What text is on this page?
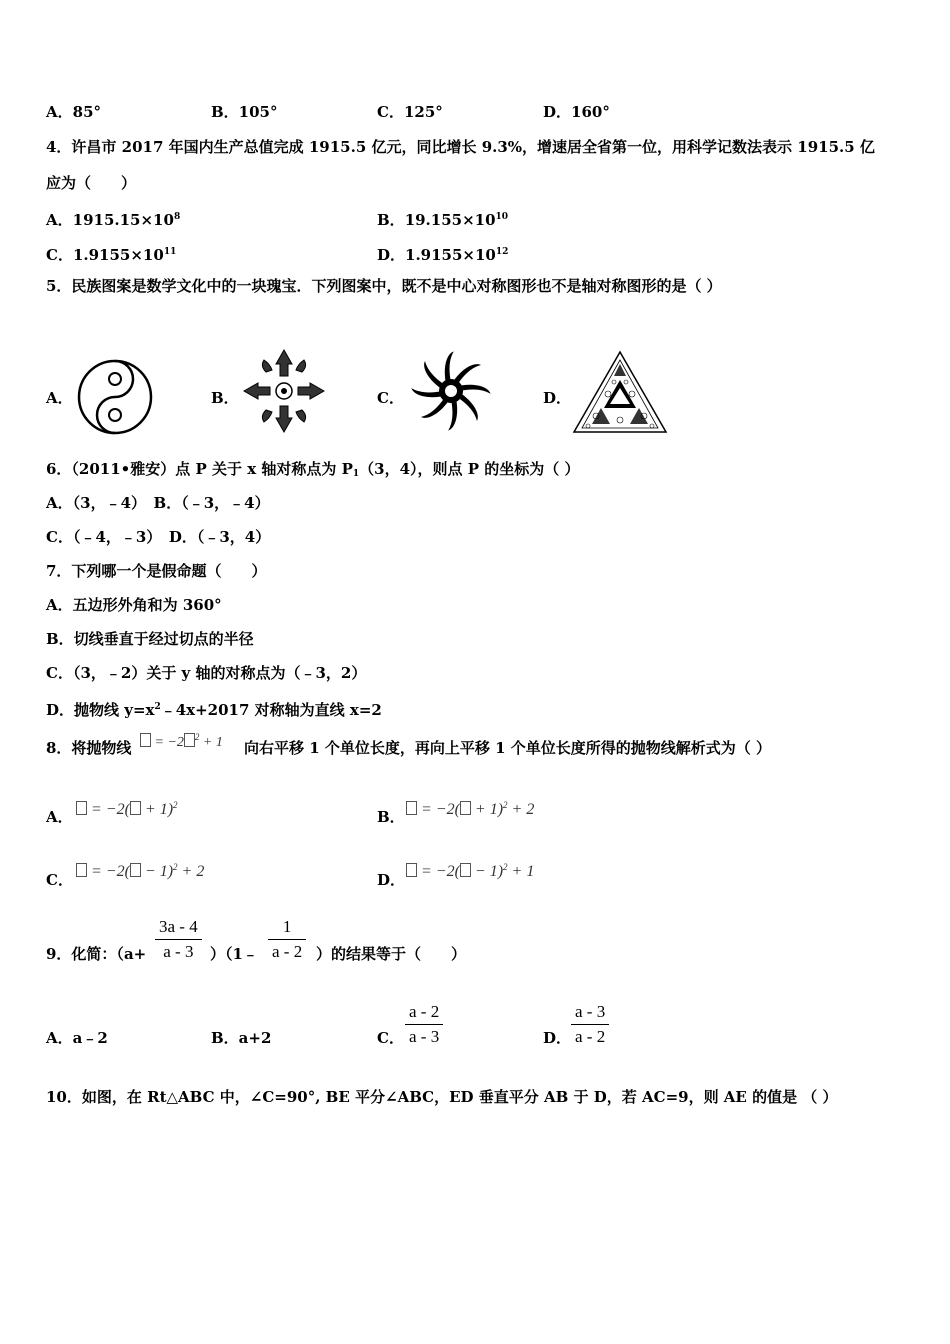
A．85°	B．105°	C．125°	D．160°
4．许昌市 2017 年国内生产总值完成 1915.5 亿元，同比增长 9.3%，增速居全省第一位，用科学记数法表示 1915.5 亿
应为（　　）
A．$1915.15\times 10^8$	B．$19.155\times 10^{10}$
C．$1.9155\times 10^{11}$	D．$1.9155\times 10^{12}$
5．民族图案是数学文化中的一块瑰宝．下列图案中，既不是中心对称图形也不是轴对称图形的是（ ）
A．	B．	C．	D．
6．（2011•雅安）点 P 关于 x 轴对称点为 $P_1(3$，4），则点 P 的坐标为（ ）
A．（3，﹣4）　B．（﹣3，﹣4）
C．（﹣4，﹣3）　D．（﹣3，4）
7．下列哪一个是假命题（　　）
A．五边形外角和为 360°
B．切线垂直于经过切点的半径
C．（3，﹣2）关于 y 轴的对称点为（﹣3，2）
D．抛物线 $y=x^2﹣4x+2017$ 对称轴为直线 x=2
8．将抛物线	= −2 $^2$ + 1 向右平移 1 个单位长度，再向上平移 1 个单位长度所得的抛物线解析式为（ ）
A．	= $-2( + 1)^2$
B．	= $-2( + 1)^2 + 2$
C．	= $-2( - 1)^2 + 2$	D． = $-2( - 1)^2 + 1$
9．化简：（$a+ \frac{3a - 4}{a - 3}$ ）（1﹣ $\frac{1}{a - 2}$ ）的结果等于（　　）
A．a﹣2	B．a+2	C． $\frac{a - 2}{a - 3}$	D． $\frac{a - 3}{a - 2}$
10．如图，在 Rt△ABC 中，∠C=90°, BE 平分∠ABC，ED 垂直平分 AB 于 D，若 AC=9，则 AE 的值是 （ ）
